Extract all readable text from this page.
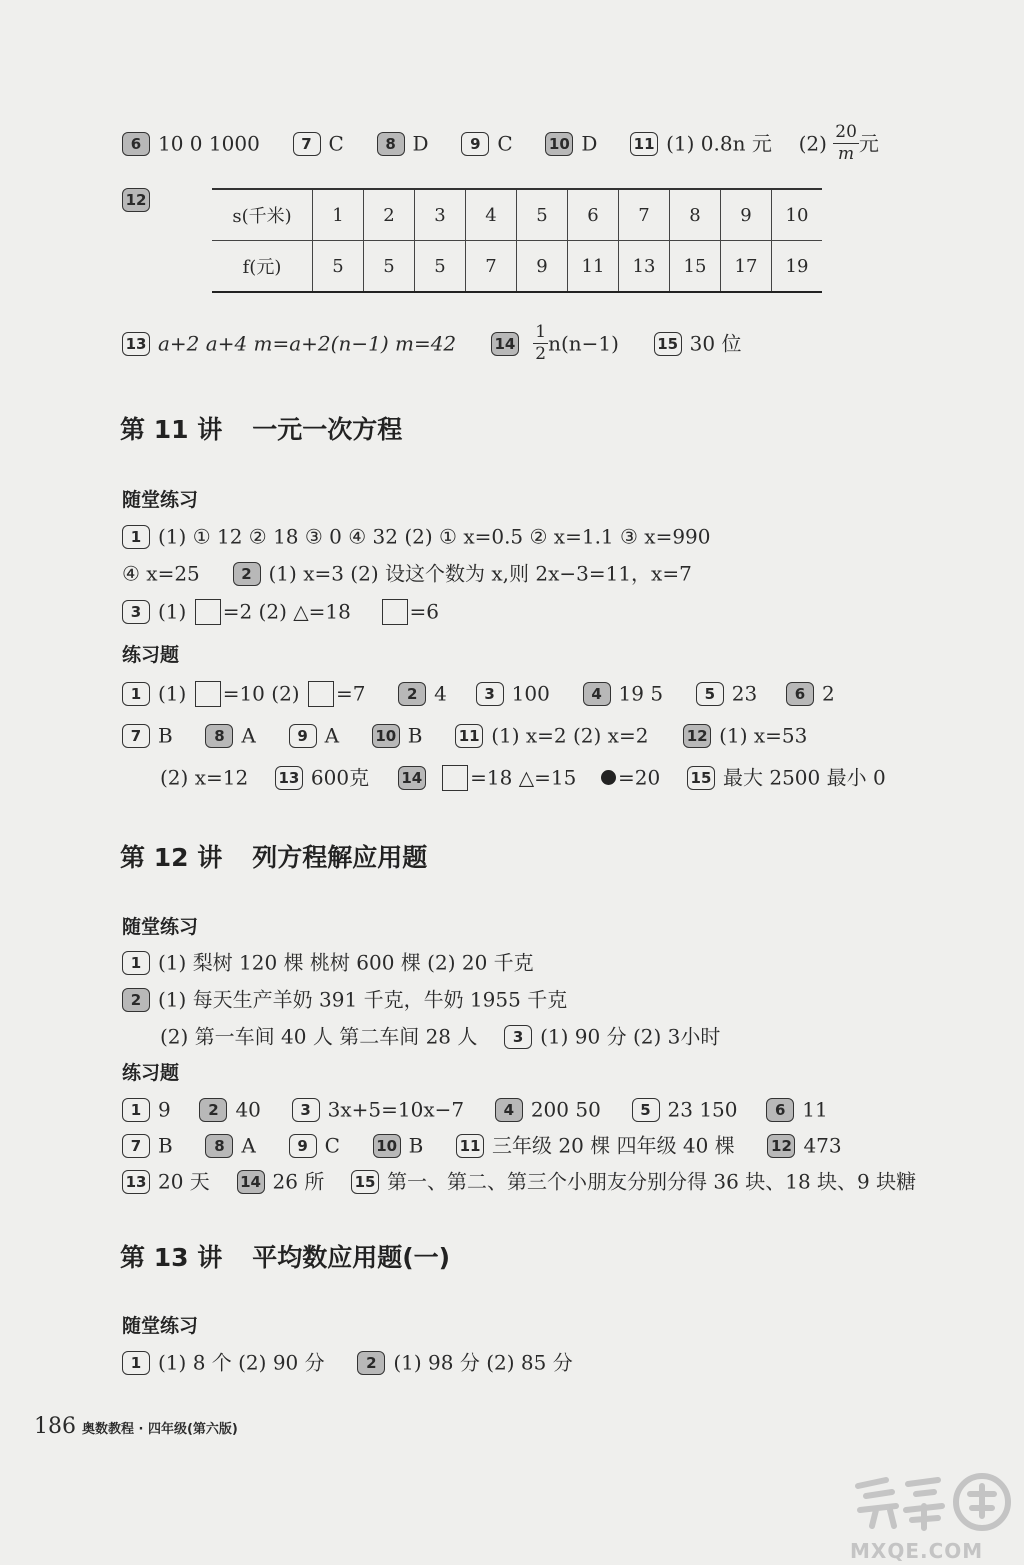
6 10 0 1000	7 C	8 D	9 C 10 D 11 (1) 0.8n 元 $(2) \frac{20}{m}$ 元
12
s(千米)	1	2	3	4	5	6	7	8	9	10
f(元)	5	5	5	7	9	11	13	15	17	19
13 a+2 a+4 m=a+2(n−1) m=42	$14 \frac{1}{2} n(n-1)$	15 30 位
第 11 讲 一元一次方程
随堂练习
1 (1) ① 12 ② 18 ③ 0 ④ 32 (2) ① x=0.5 ② x=1.1 ③ x=990
④ x=25	2 (1) x=3 (2) 设这个数为 x,则 2x−3=11，x=7
3 (1) =2 (2) △=18	=6
练习题
1 (1) =10 (2) =7	2 4	3 100	4 19 5	5 23	6 2
7 B	8 A	9 A 10 B 11 (1) x=2 (2) x=2	12 (1) x=53
(2) x=12 13 600克 14 =18 △=15 =20 15 最大 2500 最小 0
第 12 讲 列方程解应用题
随堂练习
1 (1) 梨树 120 棵 桃树 600 棵 (2) 20 千克
2 (1) 每天生产羊奶 391 千克，牛奶 1955 千克
(2) 第一车间 40 人 第二车间 28 人 3 (1) 90 分 (2) 3小时
练习题
1 9	2 40	3 3x+5=10x−7	4 200 50	5 23 150	6 11
7 B	8 A	9 C 10 B 11 三年级 20 棵 四年级 40 棵 12 473
13 20 天 14 26 所 15 第一、第二、第三个小朋友分别分得 36 块、18 块、9 块糖
第 13 讲 平均数应用题(一)
随堂练习
1 (1) 8 个 (2) 90 分	2 (1) 98 分 (2) 85 分
186 奥数教程 · 四年级(第六版)
MXQE.COM
